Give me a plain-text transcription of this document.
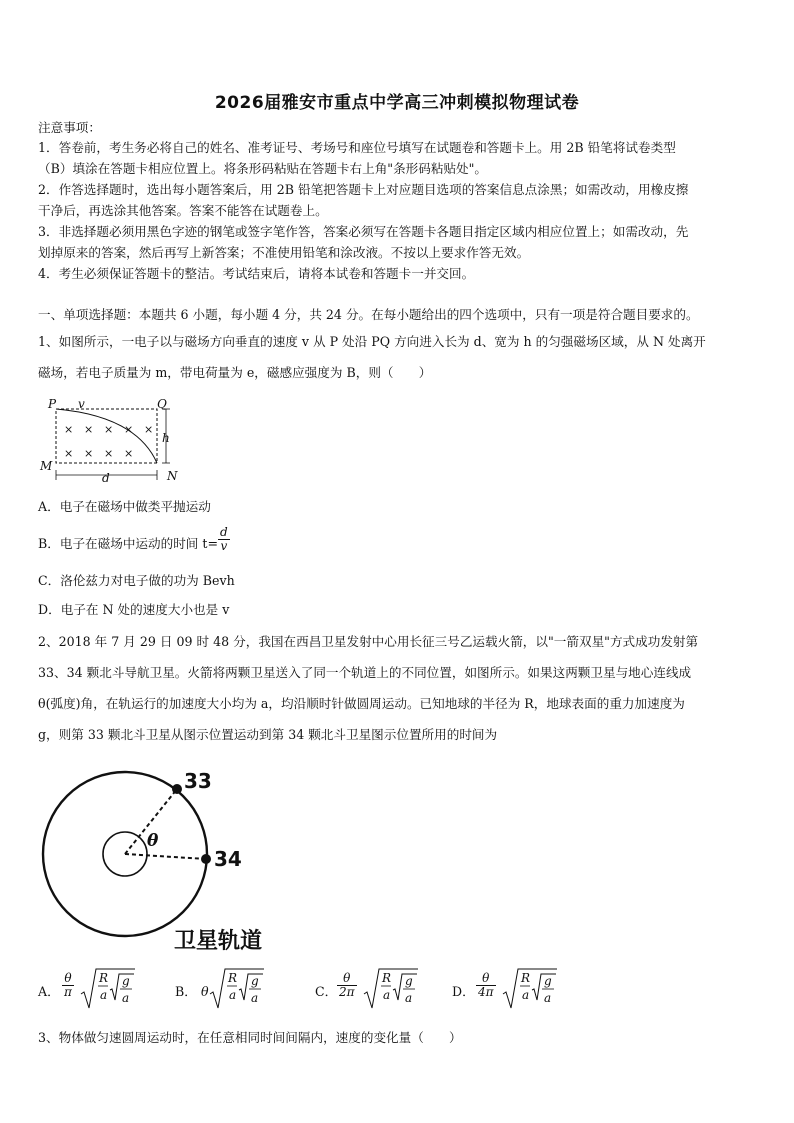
2026届雅安市重点中学高三冲刺模拟物理试卷
注意事项：
1．答卷前，考生务必将自己的姓名、准考证号、考场号和座位号填写在试题卷和答题卡上。用 2B 铅笔将试卷类型
（B）填涂在答题卡相应位置上。将条形码粘贴在答题卡右上角"条形码粘贴处"。
2．作答选择题时，选出每小题答案后，用 2B 铅笔把答题卡上对应题目选项的答案信息点涂黑；如需改动，用橡皮擦
干净后，再选涂其他答案。答案不能答在试题卷上。
3．非选择题必须用黑色字迹的钢笔或签字笔作答，答案必须写在答题卡各题目指定区域内相应位置上；如需改动，先
划掉原来的答案，然后再写上新答案；不准使用铅笔和涂改液。不按以上要求作答无效。
4．考生必须保证答题卡的整洁。考试结束后，请将本试卷和答题卡一并交回。
一、单项选择题：本题共 6 小题，每小题 4 分，共 24 分。在每小题给出的四个选项中，只有一项是符合题目要求的。
1、如图所示，一电子以与磁场方向垂直的速度 v 从 P 处沿 PQ 方向进入长为 d、宽为 h 的匀强磁场区域，从 N 处离开
磁场，若电子质量为 m，带电荷量为 e，磁感应强度为 B，则（　　）
× × × × ×
× × × ×
P v	Q
h
M
N
d
A．电子在磁场中做类平抛运动
B．电子在磁场中运动的时间 $t= \frac{d}{v}$
C．洛伦兹力对电子做的功为 Bevh
D．电子在 N 处的速度大小也是 v
2、2018 年 7 月 29 日 09 时 48 分，我国在西昌卫星发射中心用长征三号乙运载火箭，以"一箭双星"方式成功发射第
33、34 颗北斗导航卫星。火箭将两颗卫星送入了同一个轨道上的不同位置，如图所示。如果这两颗卫星与地心连线成
θ(弧度)角，在轨运行的加速度大小均为 a，均沿顺时针做圆周运动。已知地球的半径为 R，地球表面的重力加速度为
g，则第 33 颗北斗卫星从图示位置运动到第 34 颗北斗卫星图示位置所用的时间为
33
34
θ
卫星轨道
A． $\frac{\theta}{\pi}$ R
a
g
a	B． θ
R
a
g
a	C． $\frac{\theta}{2\pi}$ R
a
g
a	D． $\frac{\theta}{4\pi}$ R
a
g
a
3、物体做匀速圆周运动时，在任意相同时间间隔内，速度的变化量（　　）
